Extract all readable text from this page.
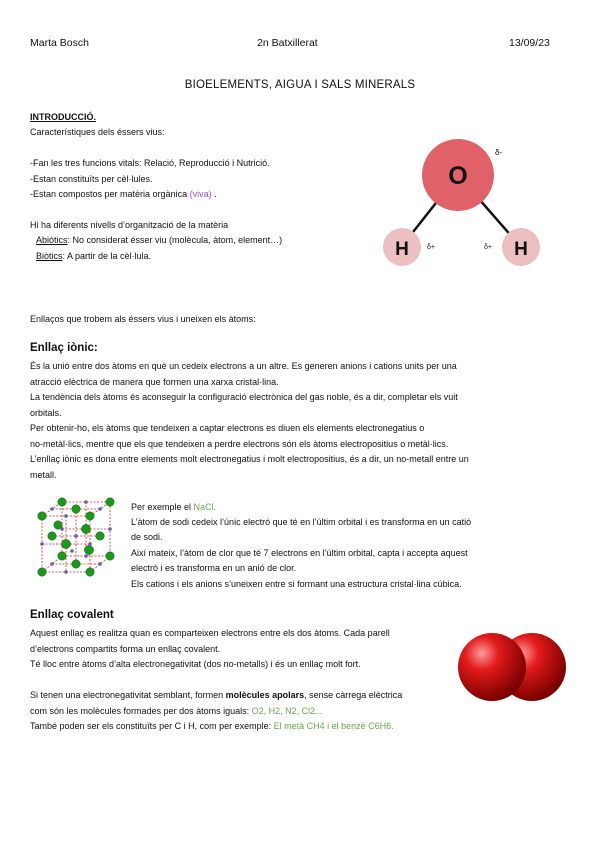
Marta Bosch	2n Batxillerat	13/09/23
BIOELEMENTS, AIGUA I SALS MINERALS
INTRODUCCIÓ.
Característiques dels éssers vius:
-Fan les tres funcions vitals: Relació, Reproducció i Nutrició.
-Estan constituïts per cèl·lules.
-Estan compostos per matèria orgànica (viva) .
Hi ha diferents nivells d’organització de la matèria
Abiòtics: No considerat ésser viu (molècula, àtom, element…)
Biòtics: A partir de la cèl·lula.
O
H	H
δ-
δ+	δ+
Enllaços que trobem als éssers vius i uneixen els àtoms:
Enllaç iònic:
És la unió entre dos àtoms en què un cedeix electrons a un altre. Es generen anions i cations units per una
atracció elèctrica de manera que formen una xarxa cristal·lina.
La tendència dels àtoms és aconseguir la configuració electrònica del gas noble, és a dir, completar els vuit
orbitals.
Per obtenir-ho, els àtoms que tendeixen a captar electrons es diuen els elements electronegatius o
no-metàl·lics, mentre que els que tendeixen a perdre electrons són els àtoms electropositius o metàl·lics.
L’enllaç iònic es dona entre elements molt electronegatius i molt electropositius, és a dir, un no-metall entre un
metall.
Per exemple el NaCl.
L’àtom de sodi cedeix l’únic electró que té en l’últim orbital i es transforma en un catió
de sodi.
Així mateix, l’àtom de clor que té 7 electrons en l’últim orbital, capta i accepta aquest
electró i es transforma en un anió de clor.
Els cations i els anions s’uneixen entre si formant una estructura cristal·lina cúbica.
Enllaç covalent
Aquest enllaç es realitza quan es comparteixen electrons entre els dos àtoms. Cada parell
d’electrons compartits forma un enllaç covalent.
Té lloc entre àtoms d’alta electronegativitat (dos no-metalls) i és un enllaç molt fort.
Si tenen una electronegativitat semblant, formen molècules apolars, sense càrrega elèctrica
com són les molècules formades per dos àtoms iguals: O2, H2, N2, Cl2...
També poden ser els constituïts per C i H, com per exemple: El metà CH4 i el benzè C6H6.
